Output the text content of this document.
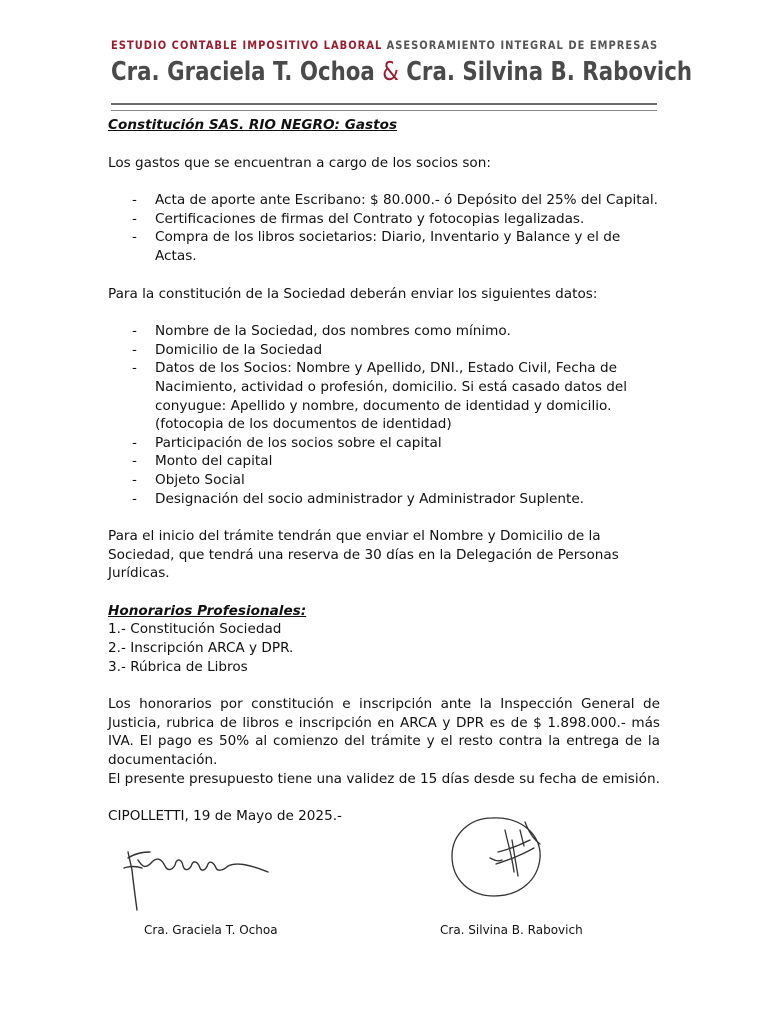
ESTUDIO CONTABLE IMPOSITIVO LABORAL ASESORAMIENTO INTEGRAL DE EMPRESAS
Cra. Graciela T. Ochoa & Cra. Silvina B. Rabovich

Constitución SAS. RIO NEGRO: Gastos

Los gastos que se encuentran a cargo de los socios son:

- Acta de aporte ante Escribano: $ 80.000.- ó Depósito del 25% del Capital.
- Certificaciones de firmas del Contrato y fotocopias legalizadas.
- Compra de los libros societarios: Diario, Inventario y Balance y el de Actas.

Para la constitución de la Sociedad deberán enviar los siguientes datos:

- Nombre de la Sociedad, dos nombres como mínimo.
- Domicilio de la Sociedad
- Datos de los Socios: Nombre y Apellido, DNI., Estado Civil, Fecha de Nacimiento, actividad o profesión, domicilio. Si está casado datos del conyugue: Apellido y nombre, documento de identidad y domicilio. (fotocopia de los documentos de identidad)
- Participación de los socios sobre el capital
- Monto del capital
- Objeto Social
- Designación del socio administrador y Administrador Suplente.

Para el inicio del trámite tendrán que enviar el Nombre y Domicilio de la Sociedad, que tendrá una reserva de 30 días en la Delegación de Personas Jurídicas.

Honorarios Profesionales:

1.- Constitución Sociedad

2.- Inscripción ARCA y DPR.

3.- Rúbrica de Libros

Los honorarios por constitución e inscripción ante la Inspección General de Justicia, rubrica de libros e inscripción en ARCA y DPR es de $ 1.898.000.- más IVA. El pago es 50% al comienzo del trámite y el resto contra la entrega de la documentación.

El presente presupuesto tiene una validez de 15 días desde su fecha de emisión.

CIPOLLETTI, 19 de Mayo de 2025.-

Cra. Graciela T. Ochoa	Cra. Silvina B. Rabovich
